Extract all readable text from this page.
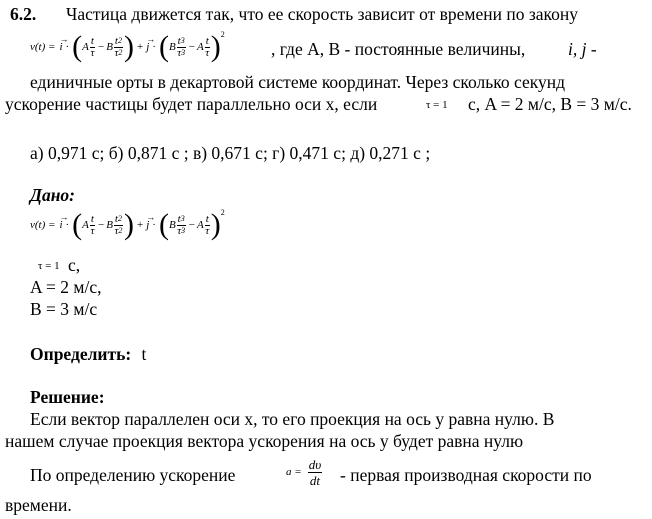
6.2. Частица движется так, что ее скорость зависит от времени по закону
v(t) = → i · ( A $\frac{t}{\tau} - B \frac{t^2}{\tau^2}$ ) + → j · ( B $\frac{t^3}{\tau^3} - A \frac{t}{\tau}$ ) 2
, где A, B - постоянные величины, i, j -
единичные орты в декартовой системе координат. Через сколько секунд
ускорение частицы будет параллельно оси x, если	τ = 1 с, A = 2 м/с, B = 3 м/с.
а) 0,971 с; б) 0,871 с ; в) 0,671 с; г) 0,471 с; д) 0,271 с ;
Дано:
v(t) = → i · ( A $\frac{t}{\tau} - B \frac{t^2}{\tau^2}$ ) + → j · ( B $\frac{t^3}{\tau^3} - A \frac{t}{\tau}$ ) 2
τ = 1 с,
A = 2 м/с,
B = 3 м/с
Определить: t
Решение:
Если вектор параллелен оси х, то его проекция на ось у равна нулю. В
нашем случае проекция вектора ускорения на ось у будет равна нулю
По определению ускорение	$a = \frac{d\upsilon}{dt}$ - первая производная скорости по
времени.
